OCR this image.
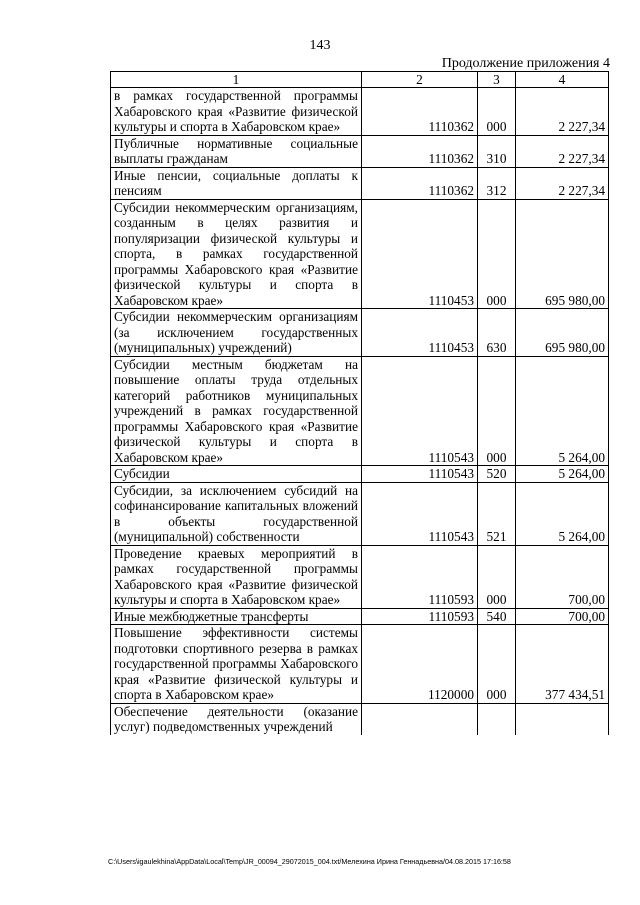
143
Продолжение приложения 4
1	2	3	4
в рамках государственной программы Хабаровского края «Развитие физической культуры и спорта в Хабаровском крае»	1110362	000	2 227,34
Публичные нормативные социальные выплаты гражданам	1110362	310	2 227,34
Иные пенсии, социальные доплаты к пенсиям	1110362	312	2 227,34
Субсидии некоммерческим организациям, созданным в целях развития и популяризации физической культуры и спорта, в рамках государственной программы Хабаровского края «Развитие физической культуры и спорта в Хабаровском крае»	1110453	000	695 980,00
Субсидии некоммерческим организациям (за исключением государственных (муниципальных) учреждений)	1110453	630	695 980,00
Субсидии местным бюджетам на повышение оплаты труда отдельных категорий работников муниципальных учреждений в рамках государственной программы Хабаровского края «Развитие физической культуры и спорта в Хабаровском крае»	1110543	000	5 264,00
Субсидии	1110543	520	5 264,00
Субсидии, за исключением субсидий на софинансирование капитальных вложений в объекты государственной (муниципальной) собственности	1110543	521	5 264,00
Проведение краевых мероприятий в рамках государственной программы Хабаровского края «Развитие физической культуры и спорта в Хабаровском крае»	1110593	000	700,00
Иные межбюджетные трансферты	1110593	540	700,00
Повышение эффективности системы подготовки спортивного резерва в рамках государственной программы Хабаровского края «Развитие физической культуры и спорта в Хабаровском крае»	1120000	000	377 434,51
Обеспечение деятельности (оказание услуг) подведомственных учреждений			
C:\Users\igaulekhina\AppData\Local\Temp\JR_00094_29072015_004.txt/Мелехина Ирина Геннадьевна/04.08.2015 17:16:58
